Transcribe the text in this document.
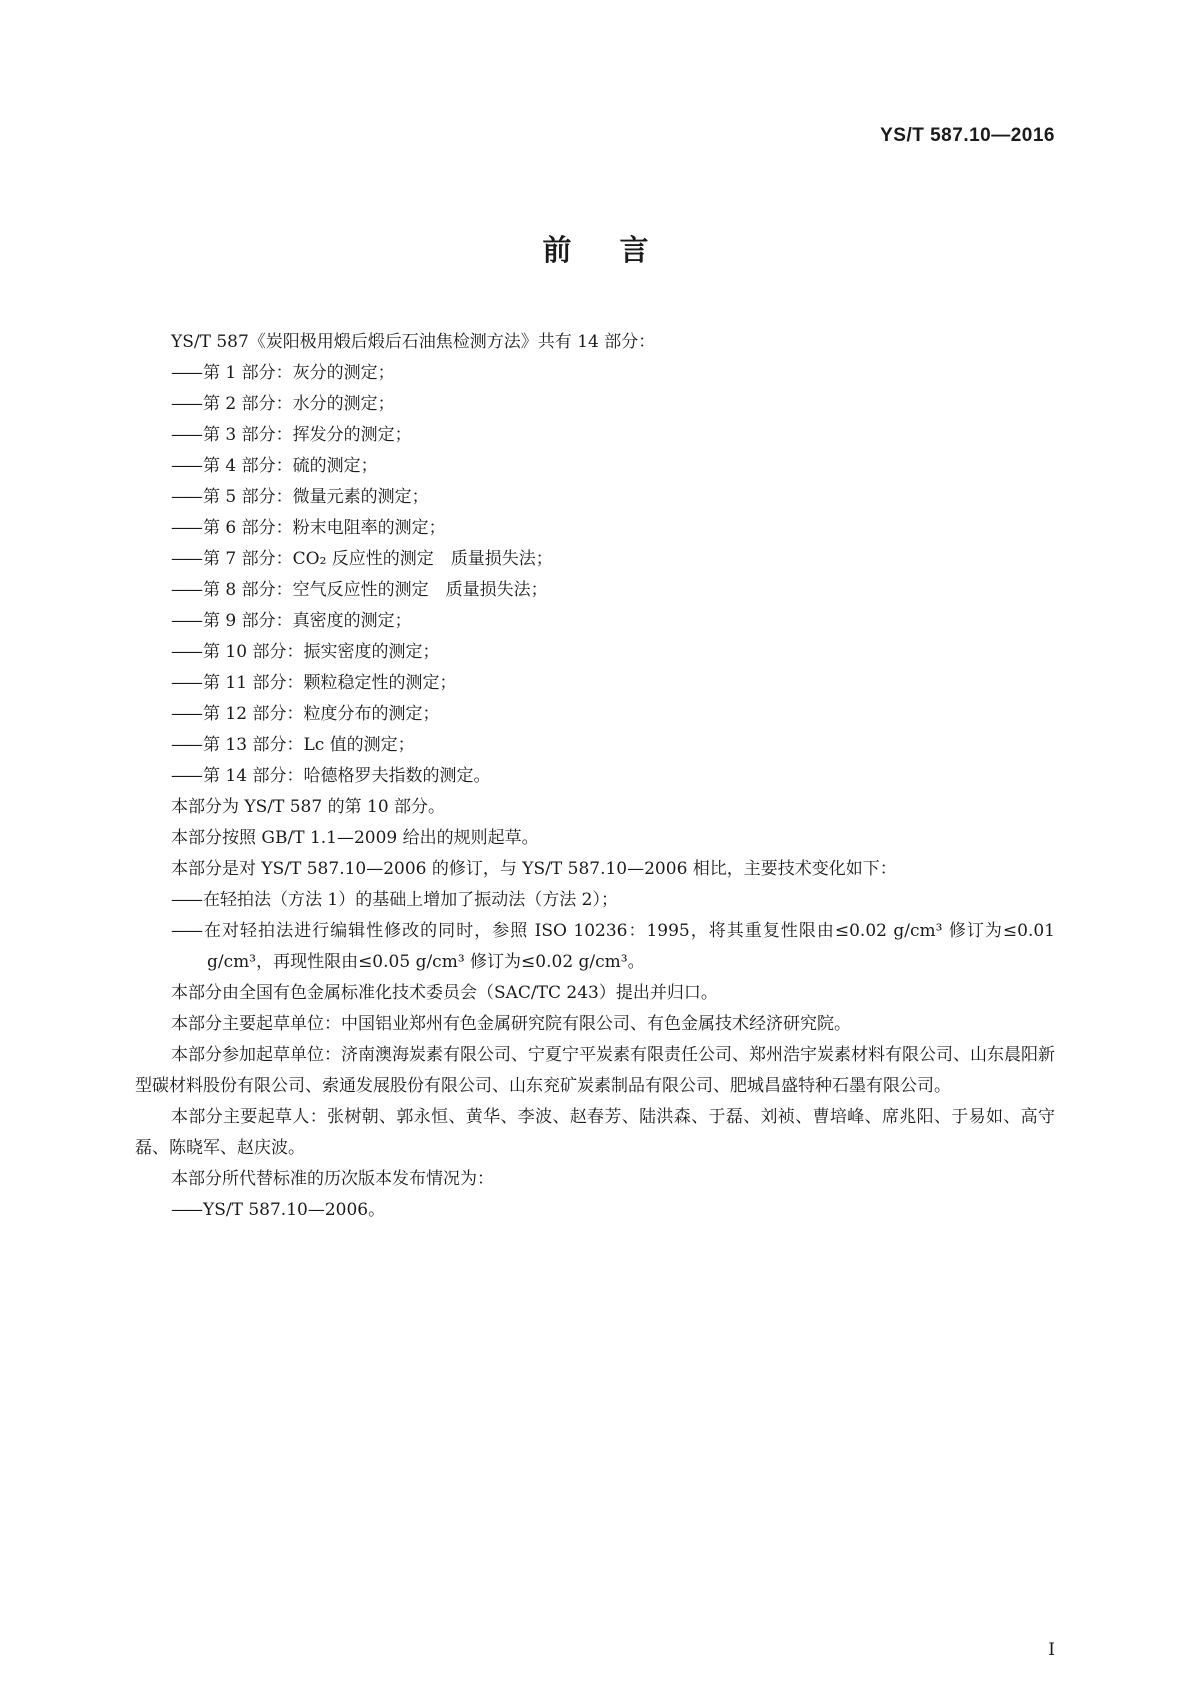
YS/T 587.10—2016
前言

YS/T 587《炭阳极用煅后煅后石油焦检测方法》共有 14 部分：

—— 第 1 部分：灰分的测定；

—— 第 2 部分：水分的测定；

—— 第 3 部分：挥发分的测定；

—— 第 4 部分：硫的测定；

—— 第 5 部分：微量元素的测定；

—— 第 6 部分：粉末电阻率的测定；

—— 第 7 部分：CO₂ 反应性的测定　质量损失法；

—— 第 8 部分：空气反应性的测定　质量损失法；

—— 第 9 部分：真密度的测定；

—— 第 10 部分：振实密度的测定；

—— 第 11 部分：颗粒稳定性的测定；

—— 第 12 部分：粒度分布的测定；

—— 第 13 部分：Lc 值的测定；

—— 第 14 部分：哈德格罗夫指数的测定。

本部分为 YS/T 587 的第 10 部分。

本部分按照 GB/T 1.1—2009 给出的规则起草。

本部分是对 YS/T 587.10—2006 的修订，与 YS/T 587.10—2006 相比，主要技术变化如下：

—— 在轻拍法（方法 1）的基础上增加了振动法（方法 2）；

—— 在对轻拍法进行编辑性修改的同时，参照 ISO 10236：1995，将其重复性限由≤0.02 g/cm³ 修订为≤0.01 g/cm³，再现性限由≤0.05 g/cm³ 修订为≤0.02 g/cm³。

本部分由全国有色金属标准化技术委员会（SAC/TC 243）提出并归口。

本部分主要起草单位：中国铝业郑州有色金属研究院有限公司、有色金属技术经济研究院。

本部分参加起草单位：济南澳海炭素有限公司、宁夏宁平炭素有限责任公司、郑州浩宇炭素材料有限公司、山东晨阳新型碳材料股份有限公司、索通发展股份有限公司、山东兖矿炭素制品有限公司、肥城昌盛特种石墨有限公司。

本部分主要起草人：张树朝、郭永恒、黄华、李波、赵春芳、陆洪森、于磊、刘祯、曹培峰、席兆阳、于易如、高守磊、陈晓军、赵庆波。

本部分所代替标准的历次版本发布情况为：

—— YS/T 587.10—2006。

I
